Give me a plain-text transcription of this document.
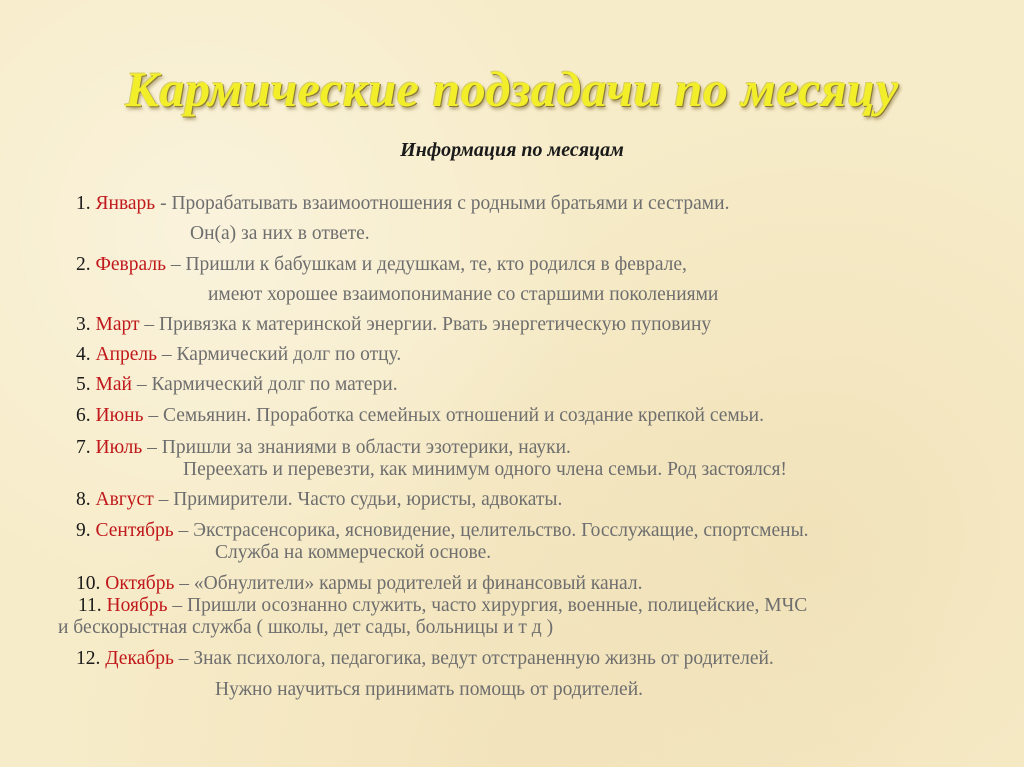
Кармические подзадачи по месяцу
Информация по месяцам
1. Январь - Прорабатывать взаимоотношения с родными братьями и сестрами.
Он(а) за них в ответе.
2. Февраль – Пришли к бабушкам и дедушкам, те, кто родился в феврале,
имеют хорошее взаимопонимание со старшими поколениями
3. Март – Привязка к материнской энергии. Рвать энергетическую пуповину
4. Апрель – Кармический долг по отцу.
5. Май – Кармический долг по матери.
6. Июнь – Семьянин. Проработка семейных отношений и создание крепкой семьи.
7. Июль – Пришли за знаниями в области эзотерики, науки.
Переехать и перевезти, как минимум одного члена семьи. Род застоялся!
8. Август – Примирители. Часто судьи, юристы, адвокаты.
9. Сентябрь – Экстрасенсорика, ясновидение, целительство. Госслужащие, спортсмены.
Служба на коммерческой основе.
10. Октябрь – «Обнулители» кармы родителей и финансовый канал.
11. Ноябрь – Пришли осознанно служить, часто хирургия, военные, полицейские, МЧС
и бескорыстная служба ( школы, дет сады, больницы и т д )
12. Декабрь – Знак психолога, педагогика, ведут отстраненную жизнь от родителей.
Нужно научиться принимать помощь от родителей.
